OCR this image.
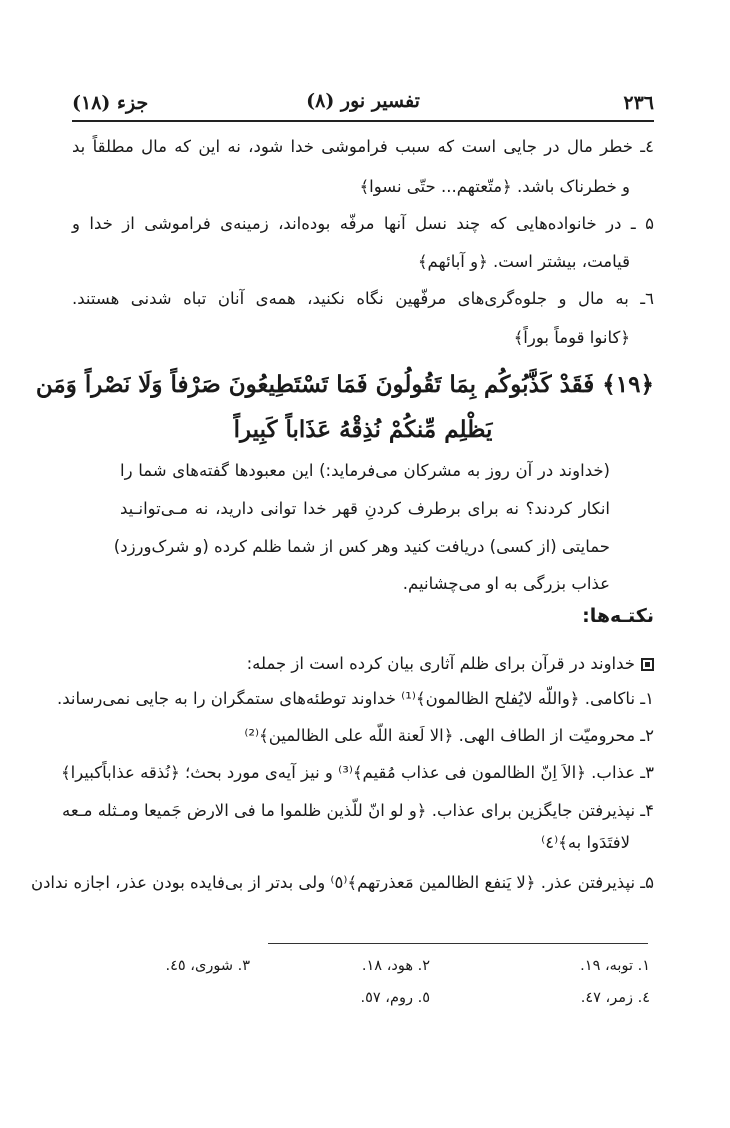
۲۳٦
تفسیر نور (۸)
جزء (۱۸)
٤ـ خطر مال در جایی است که سبب فراموشی خدا شود، نه این که مال مطلقاً بد
و خطرناک باشد. ﴿متّعتهم... حتّی نسوا﴾
۵ ـ در خانواده‌هایی که چند نسل آنها مرفّه بوده‌اند، زمینه‌ی فراموشی از خدا و
قیامت، بیشتر است. ﴿و آبائهم﴾
٦ـ به مال و جلوه‌گری‌های مرفّهین نگاه نکنید، همه‌ی آنان تباه شدنی هستند.
﴿کانوا قوماً بوراً﴾
﴿١٩﴾ فَقَدْ كَذَّبُوكُم بِمَا تَقُولُونَ فَمَا تَسْتَطِيعُونَ صَرْفاً وَلَا نَصْراً وَمَن
يَظْلِم مِّنكُمْ نُذِقْهُ عَذَاباً كَبِيراً
(خداوند در آن روز به مشرکان می‌فرماید:) این معبودها گفته‌های شما را
انکار کردند؟ نه برای برطرف کردنِ قهر خدا توانی دارید، نه مـی‌توانـید
حمایتی (از کسی) دریافت کنید وهر کس از شما ظلم کرده (و شرک‌ورزد)
عذاب بزرگی به او می‌چشانیم.
نکتـه‌ها:
خداوند در قرآن برای ظلم آثاری بیان کرده است از جمله:
١ـ ناکامی. ﴿واللّه لایُفلح الظالمون﴾⁽¹⁾ خداوند توطئه‌های ستمگران را به جایی نمی‌رساند.
٢ـ محرومیّت از الطاف الهی. ﴿الا لَعنة اللّه علی الظالمین﴾⁽²⁾
٣ـ عذاب. ﴿الاَ اِنّ الظالمون فی عذاب مُقیم﴾⁽³⁾ و نیز آیه‌ی مورد بحث؛ ﴿نُذقه عذاباًکبیرا﴾
۴ـ نپذیرفتن جایگزین برای عذاب. ﴿و لو انّ للّذین ظلموا ما فی الارض جَمیعا ومـثله مـعه
لافتَدَوا به﴾⁽٤⁾
۵ـ نپذیرفتن عذر. ﴿لا یَنفع الظالمین مَعذرتهم﴾⁽٥⁾ ولی بدتر از بی‌فایده بودن عذر، اجازه ندادن
١. توبه، ١٩.
٢. هود، ١٨.
٣. شوری، ٤٥.
٤. زمر، ٤٧.
٥. روم، ٥٧.
